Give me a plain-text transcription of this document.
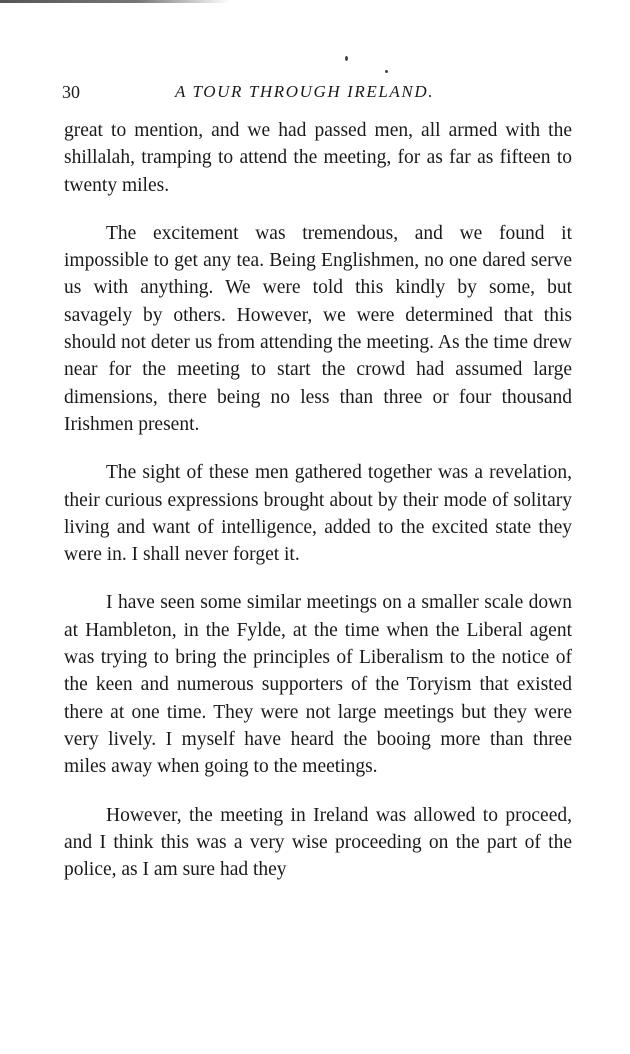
30	A TOUR THROUGH IRELAND.

great to mention, and we had passed men, all armed with the shillalah, tramping to attend the meeting, for as far as fifteen to twenty miles.

The excitement was tremendous, and we found it impossible to get any tea. Being Englishmen, no one dared serve us with anything. We were told this kindly by some, but savagely by others. However, we were determined that this should not deter us from attending the meeting. As the time drew near for the meeting to start the crowd had assumed large dimensions, there being no less than three or four thousand Irishmen present.

The sight of these men gathered together was a revelation, their curious expressions brought about by their mode of solitary living and want of intelligence, added to the excited state they were in. I shall never forget it.

I have seen some similar meetings on a smaller scale down at Hambleton, in the Fylde, at the time when the Liberal agent was trying to bring the principles of Liberalism to the notice of the keen and numerous supporters of the Toryism that existed there at one time. They were not large meetings but they were very lively. I myself have heard the booing more than three miles away when going to the meetings.

However, the meeting in Ireland was allowed to proceed, and I think this was a very wise proceeding on the part of the police, as I am sure had they
